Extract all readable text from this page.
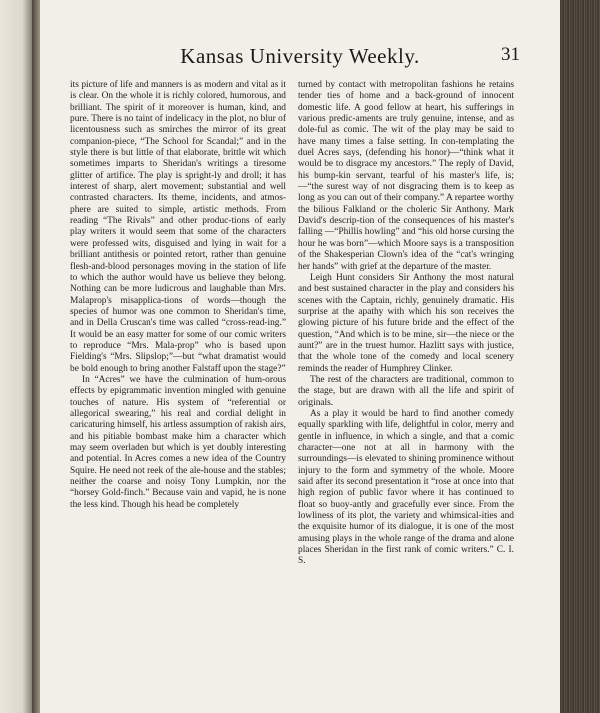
Kansas University Weekly.	31

its picture of life and manners is as modern and vital as it is clear. On the whole it is richly colored, humorous, and brilliant. The spirit of it moreover is human, kind, and pure. There is no taint of indelicacy in the plot, no blur of licentousness such as smirches the mirror of its great companion-piece, “The School for Scandal;” and in the style there is but little of that elaborate, brittle wit which sometimes imparts to Sheridan's writings a tiresome glitter of artifice. The play is spright-ly and droll; it has interest of sharp, alert movement; substantial and well contrasted characters. Its theme, incidents, and atmos-phere are suited to simple, artistic methods. From reading “The Rivals” and other produc-tions of early play writers it would seem that some of the characters were professed wits, disguised and lying in wait for a brilliant antithesis or pointed retort, rather than genuine flesh-and-blood personages moving in the station of life to which the author would have us believe they belong. Nothing can be more ludicrous and laughable than Mrs. Malaprop's misapplica-tions of words—though the species of humor was one common to Sheridan's time, and in Della Cruscan's time was called “cross-read-ing.” It would be an easy matter for some of our comic writers to reproduce “Mrs. Mala-prop” who is based upon Fielding's “Mrs. Slipslop;”—but “what dramatist would be bold enough to bring another Falstaff upon the stage?”

In “Acres” we have the culmination of hum-orous effects by epigrammatic invention mingled with genuine touches of nature. His system of “referential or allegorical swearing,” his real and cordial delight in caricaturing himself, his artless assumption of rakish airs, and his pitiable bombast make him a character which may seem overladen but which is yet doubly interesting and potential. In Acres comes a new idea of the Country Squire. He need not reek of the ale-house and the stables; neither the coarse and noisy Tony Lumpkin, nor the “horsey Gold-finch.” Because vain and vapid, he is none the less kind. Though his head be completely

turned by contact with metropolitan fashions he retains tender ties of home and a back-ground of innocent domestic life. A good fellow at heart, his sufferings in various predic-aments are truly genuine, intense, and as dole-ful as comic. The wit of the play may be said to have many times a false setting. In con-templating the duel Acres says, (defending his honor)—“think what it would be to disgrace my ancestors.” The reply of David, his bump-kin servant, tearful of his master's life, is;—“the surest way of not disgracing them is to keep as long as you can out of their company.” A repartee worthy the bilious Falkland or the choleric Sir Anthony. Mark David's descrip-tion of the consequences of his master's falling —“Phillis howling” and “his old horse cursing the hour he was born”—which Moore says is a transposition of the Shakesperian Clown's idea of the “cat's wringing her hands” with grief at the departure of the master.

Leigh Hunt considers Sir Anthony the most natural and best sustained character in the play and considers his scenes with the Captain, richly, genuinely dramatic. His surprise at the apathy with which his son receives the glowing picture of his future bride and the effect of the question, “And which is to be mine, sir—the niece or the aunt?” are in the truest humor. Hazlitt says with justice, that the whole tone of the comedy and local scenery reminds the reader of Humphrey Clinker.

The rest of the characters are traditional, common to the stage, but are drawn with all the life and spirit of originals.

As a play it would be hard to find another comedy equally sparkling with life, delightful in color, merry and gentle in influence, in which a single, and that a comic character—one not at all in harmony with the surroundings—is elevated to shining prominence without injury to the form and symmetry of the whole. Moore said after its second presentation it “rose at once into that high region of public favor where it has continued to float so buoy-antly and gracefully ever since. From the lowliness of its plot, the variety and whimsical-ities and the exquisite humor of its dialogue, it is one of the most amusing plays in the whole range of the drama and alone places Sheridan in the first rank of comic writers.” C. I. S.
